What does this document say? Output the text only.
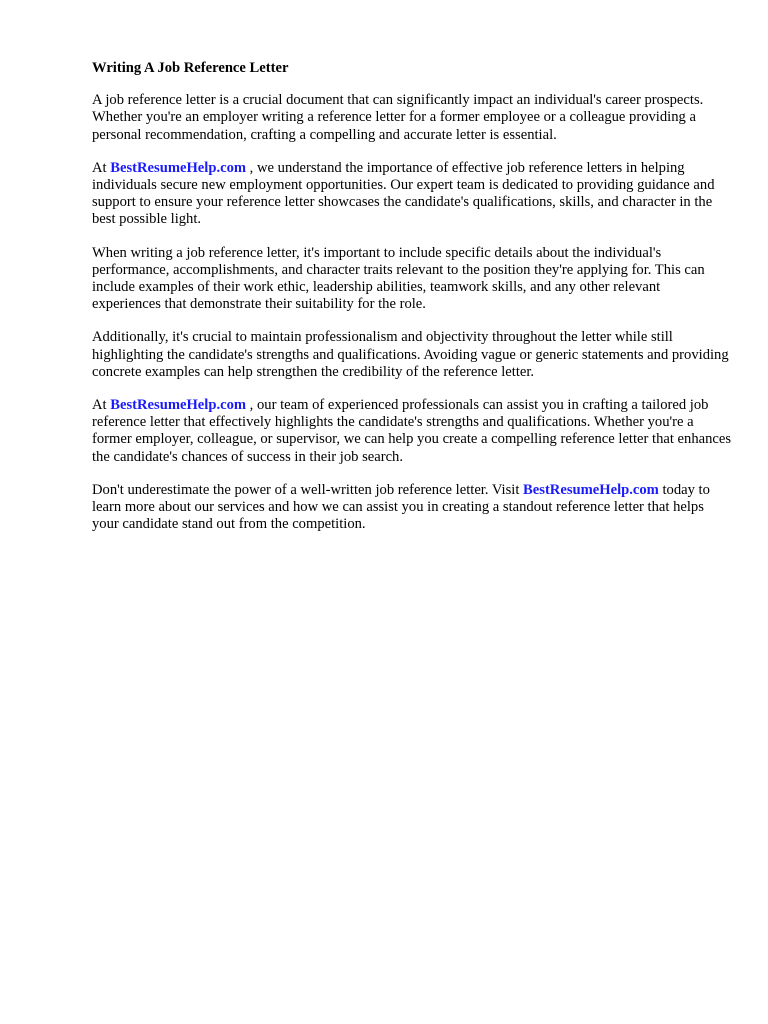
Writing A Job Reference Letter

A job reference letter is a crucial document that can significantly impact an individual's career prospects. Whether you're an employer writing a reference letter for a former employee or a colleague providing a personal recommendation, crafting a compelling and accurate letter is essential.

At BestResumeHelp.com , we understand the importance of effective job reference letters in helping individuals secure new employment opportunities. Our expert team is dedicated to providing guidance and support to ensure your reference letter showcases the candidate's qualifications, skills, and character in the best possible light.

When writing a job reference letter, it's important to include specific details about the individual's performance, accomplishments, and character traits relevant to the position they're applying for. This can include examples of their work ethic, leadership abilities, teamwork skills, and any other relevant experiences that demonstrate their suitability for the role.

Additionally, it's crucial to maintain professionalism and objectivity throughout the letter while still highlighting the candidate's strengths and qualifications. Avoiding vague or generic statements and providing concrete examples can help strengthen the credibility of the reference letter.

At BestResumeHelp.com , our team of experienced professionals can assist you in crafting a tailored job reference letter that effectively highlights the candidate's strengths and qualifications. Whether you're a former employer, colleague, or supervisor, we can help you create a compelling reference letter that enhances the candidate's chances of success in their job search.

Don't underestimate the power of a well-written job reference letter. Visit BestResumeHelp.com today to learn more about our services and how we can assist you in creating a standout reference letter that helps your candidate stand out from the competition.
